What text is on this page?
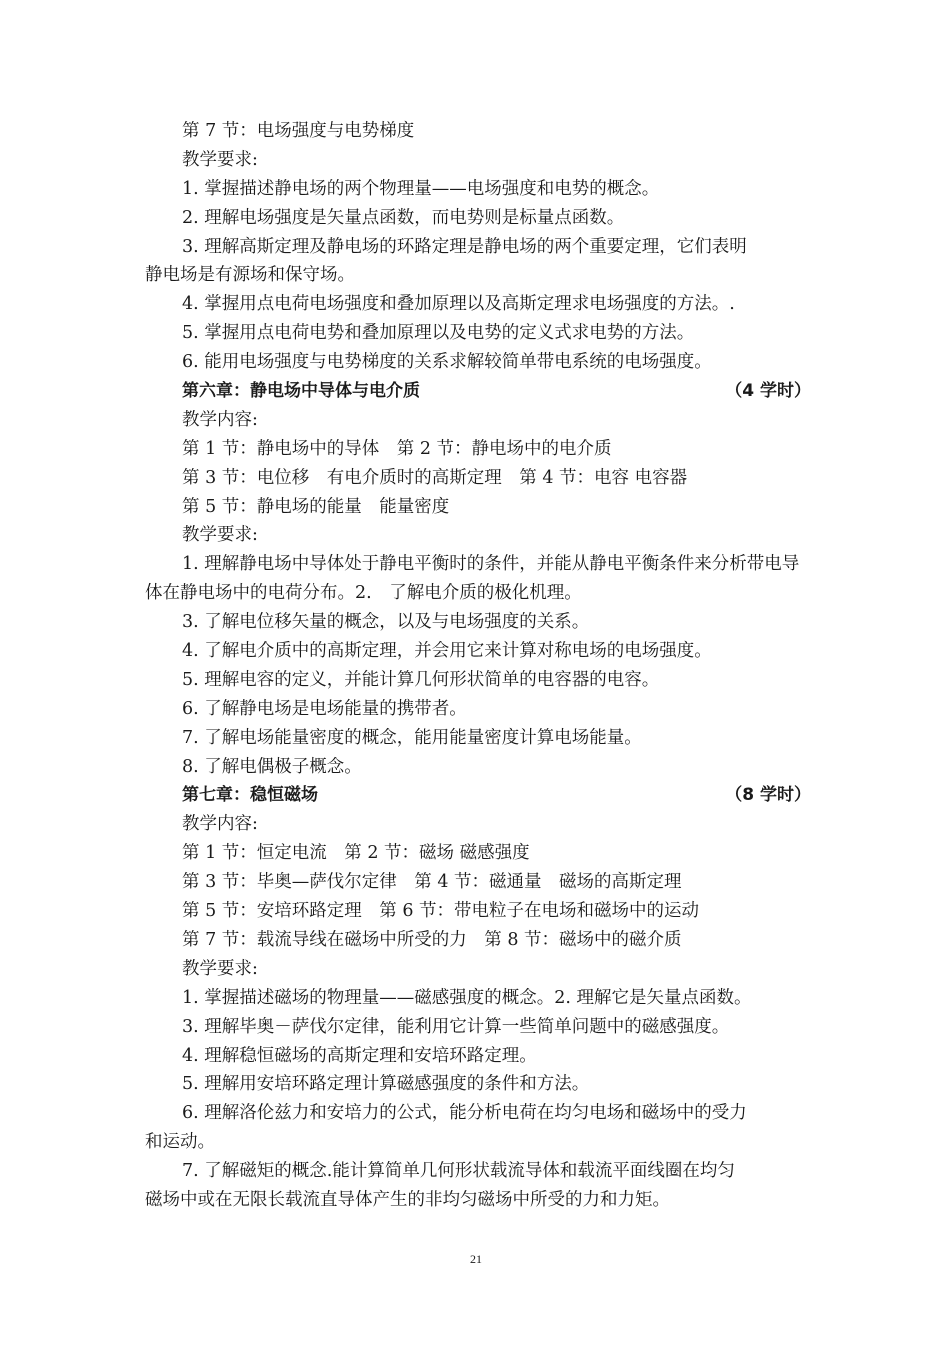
第 7 节：电场强度与电势梯度
教学要求:
1. 掌握描述静电场的两个物理量——电场强度和电势的概念。
2. 理解电场强度是矢量点函数，而电势则是标量点函数。
3. 理解高斯定理及静电场的环路定理是静电场的两个重要定理，它们表明
静电场是有源场和保守场。
4. 掌握用点电荷电场强度和叠加原理以及高斯定理求电场强度的方法。.
5. 掌握用点电荷电势和叠加原理以及电势的定义式求电势的方法。
6. 能用电场强度与电势梯度的关系求解较简单带电系统的电场强度。
第六章：静电场中导体与电介质	（4 学时）
教学内容:
第 1 节：静电场中的导体　第 2 节：静电场中的电介质
第 3 节：电位移　有电介质时的高斯定理　第 4 节：电容 电容器
第 5 节：静电场的能量　能量密度
教学要求:
1. 理解静电场中导体处于静电平衡时的条件，并能从静电平衡条件来分析带电导
体在静电场中的电荷分布。2.　了解电介质的极化机理。
3. 了解电位移矢量的概念，以及与电场强度的关系。
4. 了解电介质中的高斯定理，并会用它来计算对称电场的电场强度。
5. 理解电容的定义，并能计算几何形状简单的电容器的电容。
6. 了解静电场是电场能量的携带者。
7. 了解电场能量密度的概念，能用能量密度计算电场能量。
8. 了解电偶极子概念。
第七章：稳恒磁场	（8 学时）
教学内容:
第 1 节：恒定电流　第 2 节：磁场 磁感强度
第 3 节：毕奥—萨伐尔定律　第 4 节：磁通量　磁场的高斯定理
第 5 节：安培环路定理　第 6 节：带电粒子在电场和磁场中的运动
第 7 节：载流导线在磁场中所受的力　第 8 节：磁场中的磁介质
教学要求:
1. 掌握描述磁场的物理量——磁感强度的概念。2. 理解它是矢量点函数。
3. 理解毕奥－萨伐尔定律，能利用它计算一些简单问题中的磁感强度。
4. 理解稳恒磁场的高斯定理和安培环路定理。
5. 理解用安培环路定理计算磁感强度的条件和方法。
6. 理解洛伦兹力和安培力的公式，能分析电荷在均匀电场和磁场中的受力
和运动。
7. 了解磁矩的概念.能计算简单几何形状载流导体和载流平面线圈在均匀
磁场中或在无限长载流直导体产生的非均匀磁场中所受的力和力矩。
21
